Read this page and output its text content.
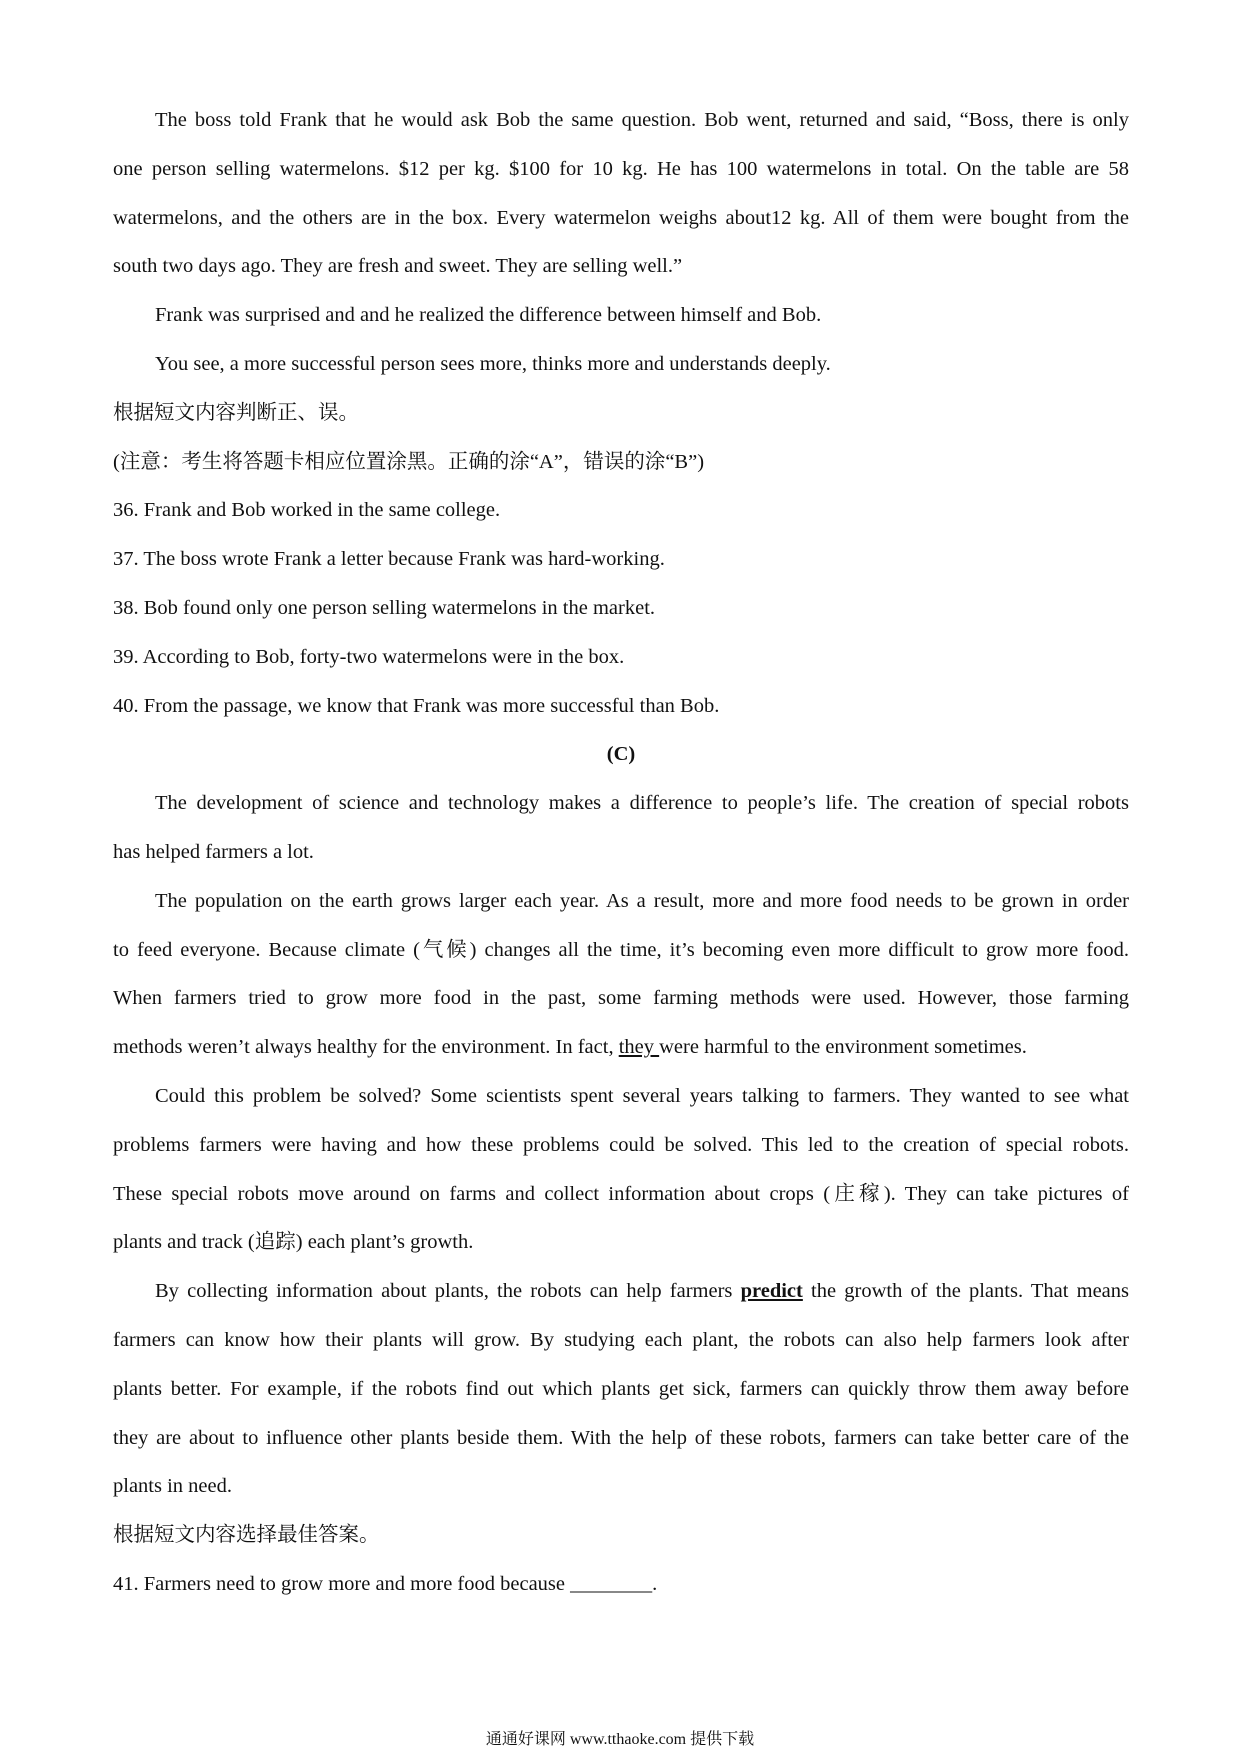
The boss told Frank that he would ask Bob the same question. Bob went, returned and said, “Boss, there is only

one person selling watermelons. $12 per kg. $100 for 10 kg. He has 100 watermelons in total. On the table are 58

watermelons, and the others are in the box. Every watermelon weighs about12 kg. All of them were bought from the

south two days ago. They are fresh and sweet. They are selling well.”

Frank was surprised and and he realized the difference between himself and Bob.

You see, a more successful person sees more, thinks more and understands deeply.

根据短文内容判断正、误。

(注意：考生将答题卡相应位置涂黑。正确的涂“A”，错误的涂“B”)

36. Frank and Bob worked in the same college.

37. The boss wrote Frank a letter because Frank was hard-working.

38. Bob found only one person selling watermelons in the market.

39. According to Bob, forty-two watermelons were in the box.

40. From the passage, we know that Frank was more successful than Bob.

(C)

The development of science and technology makes a difference to people’s life. The creation of special robots

has helped farmers a lot.

The population on the earth grows larger each year. As a result, more and more food needs to be grown in order

to feed everyone. Because climate (气候) changes all the time, it’s becoming even more difficult to grow more food.

When farmers tried to grow more food in the past, some farming methods were used. However, those farming

methods weren’t always healthy for the environment. In fact, they were harmful to the environment sometimes.

Could this problem be solved? Some scientists spent several years talking to farmers. They wanted to see what

problems farmers were having and how these problems could be solved. This led to the creation of special robots.

These special robots move around on farms and collect information about crops (庄稼). They can take pictures of

plants and track (追踪) each plant’s growth.

By collecting information about plants, the robots can help farmers predict the growth of the plants. That means

farmers can know how their plants will grow. By studying each plant, the robots can also help farmers look after

plants better. For example, if the robots find out which plants get sick, farmers can quickly throw them away before

they are about to influence other plants beside them. With the help of these robots, farmers can take better care of the

plants in need.

根据短文内容选择最佳答案。

41. Farmers need to grow more and more food because ________.

通通好课网 www.tthaoke.com 提供下载
